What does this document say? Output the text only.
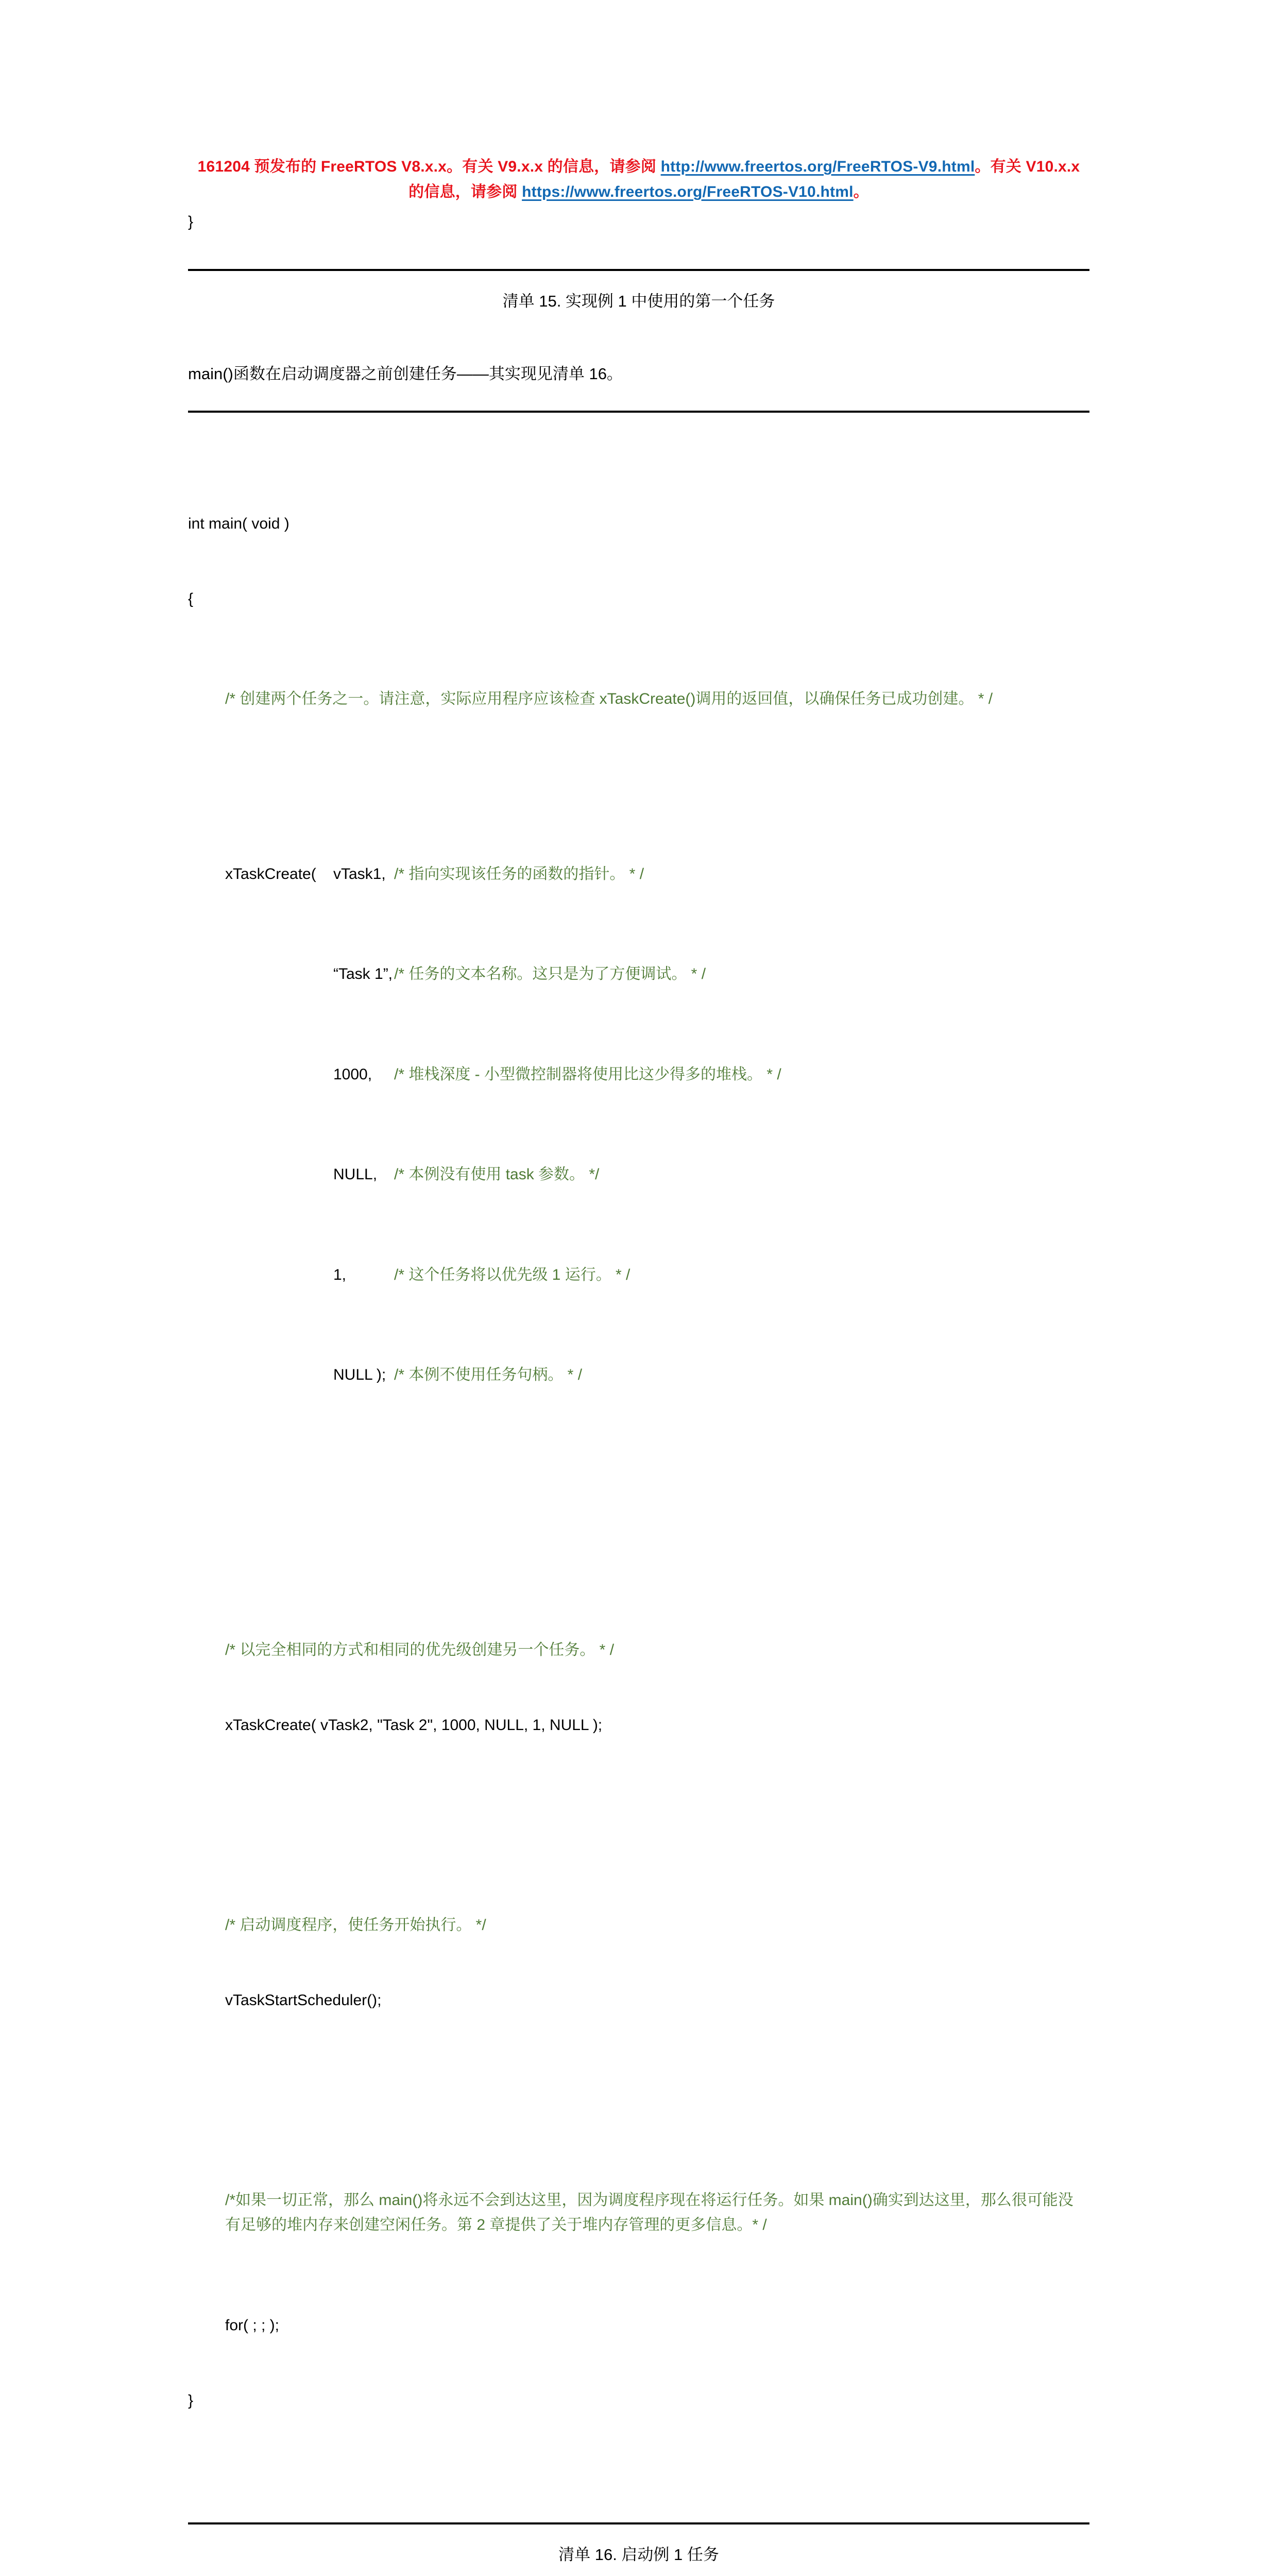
161204 预发布的 FreeRTOS V8.x.x。有关 V9.x.x 的信息，请参阅 http://www.freertos.org/FreeRTOS-V9.html。有关 V10.x.x 的信息，请参阅 https://www.freertos.org/FreeRTOS-V10.html。
}
清单 15. 实现例 1 中使用的第一个任务
main()函数在启动调度器之前创建任务——其实现见清单 16。

int main( void )

{

/* 创建两个任务之一。请注意，实际应用程序应该检查 xTaskCreate()调用的返回值，以确保任务已成功创建。 * /

xTaskCreate(	vTask1, /* 指向实现该任务的函数的指针。 * /

“Task 1”, /* 任务的文本名称。这只是为了方便调试。 * /

1000,	/* 堆栈深度 - 小型微控制器将使用比这少得多的堆栈。 * /

NULL,	/* 本例没有使用 task 参数。 */

1,	/* 这个任务将以优先级 1 运行。 * /

NULL ); /* 本例不使用任务句柄。 * /

/* 以完全相同的方式和相同的优先级创建另一个任务。 * /

xTaskCreate( vTask2, "Task 2", 1000, NULL, 1, NULL );

/* 启动调度程序，使任务开始执行。 */

vTaskStartScheduler();

/*如果一切正常，那么 main()将永远不会到达这里，因为调度程序现在将运行任务。如果 main()确实到达这里，那么很可能没有足够的堆内存来创建空闲任务。第 2 章提供了关于堆内存管理的更多信息。* /

for( ; ; );

}

清单 16. 启动例 1 任务
